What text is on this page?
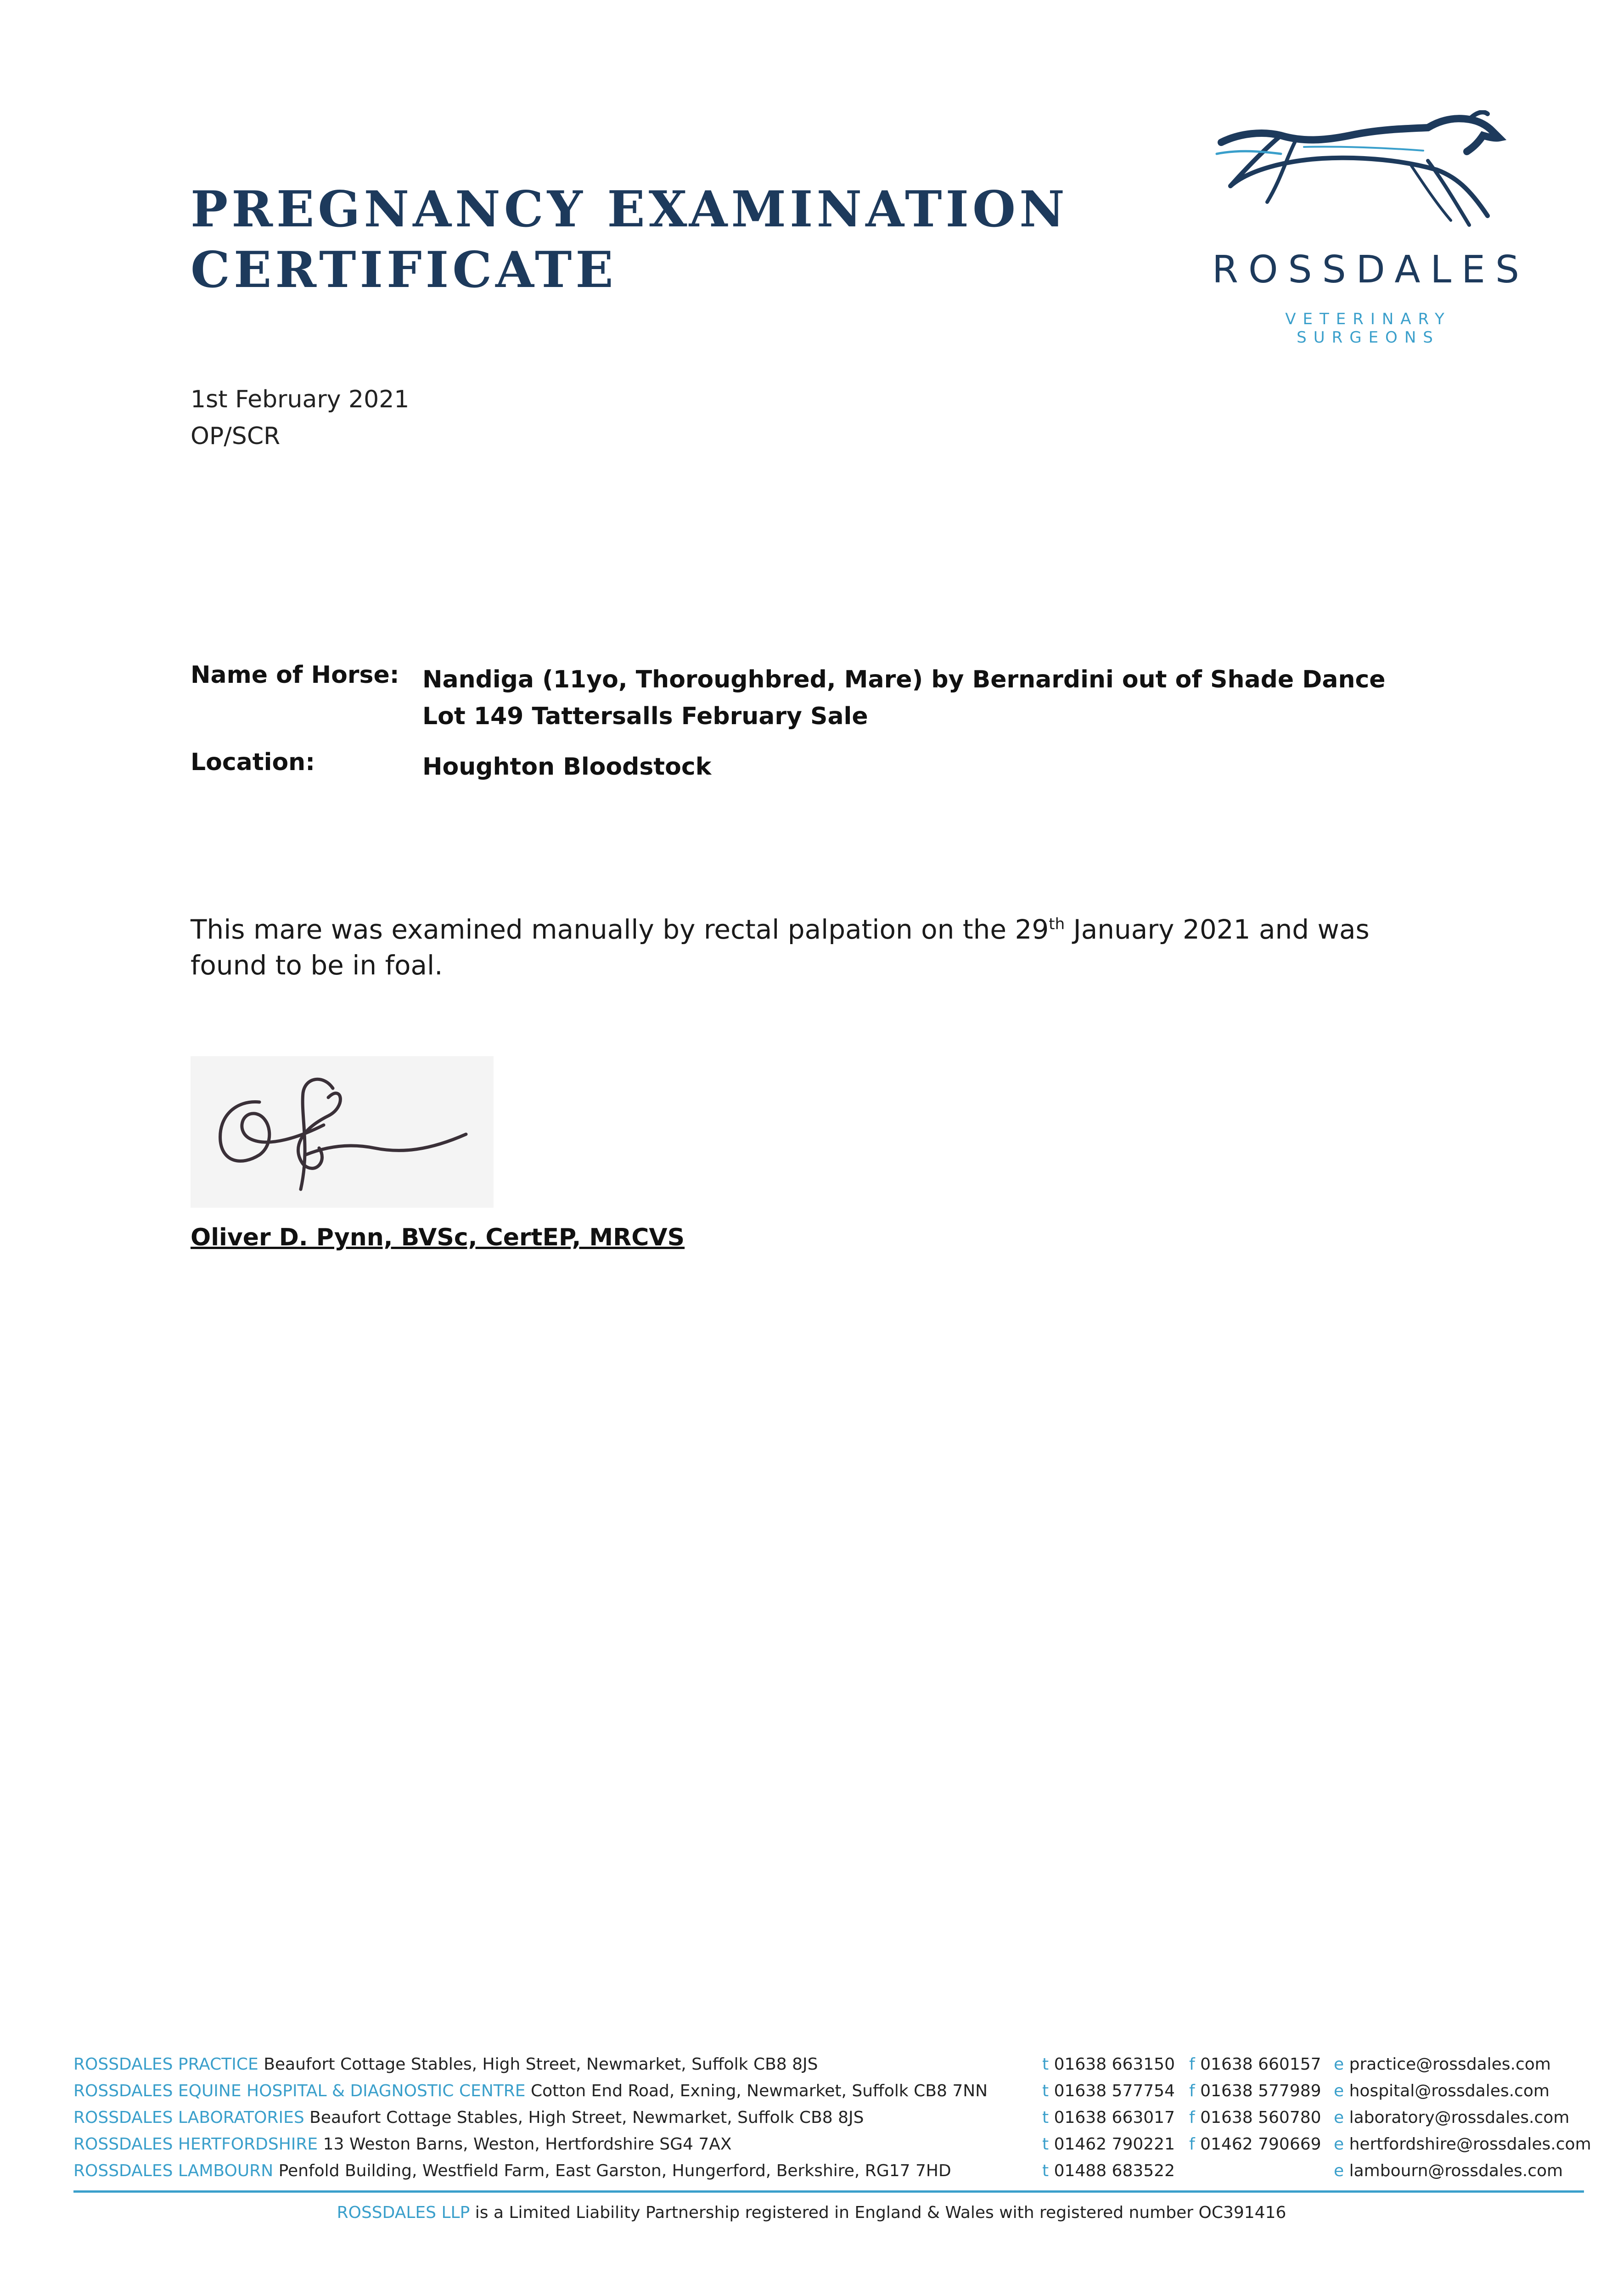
PREGNANCY EXAMINATION
CERTIFICATE	ROSSDALES
VETERINARY SURGEONS
1st February 2021
OP/SCR
Name of Horse: Nandiga (11yo, Thoroughbred, Mare) by Bernardini out of Shade Dance
Lot 149 Tattersalls February Sale
Location:	Houghton Bloodstock
This mare was examined manually by rectal palpation on the 29th January 2021 and was found to be in foal.
Oliver D. Pynn, BVSc, CertEP, MRCVS
ROSSDALES PRACTICE Beaufort Cottage Stables, High Street, Newmarket, Suffolk CB8 8JS	t 01638 663150 f 01638 660157 e practice@rossdales.com
ROSSDALES EQUINE HOSPITAL & DIAGNOSTIC CENTRE Cotton End Road, Exning, Newmarket, Suffolk CB8 7NN	t 01638 577754 f 01638 577989 e hospital@rossdales.com
ROSSDALES LABORATORIES Beaufort Cottage Stables, High Street, Newmarket, Suffolk CB8 8JS	t 01638 663017 f 01638 560780 e laboratory@rossdales.com
ROSSDALES HERTFORDSHIRE 13 Weston Barns, Weston, Hertfordshire SG4 7AX	t 01462 790221 f 01462 790669 e hertfordshire@rossdales.com
ROSSDALES LAMBOURN Penfold Building, Westfield Farm, East Garston, Hungerford, Berkshire, RG17 7HD	t 01488 683522	e lambourn@rossdales.com
ROSSDALES LLP is a Limited Liability Partnership registered in England & Wales with registered number OC391416
